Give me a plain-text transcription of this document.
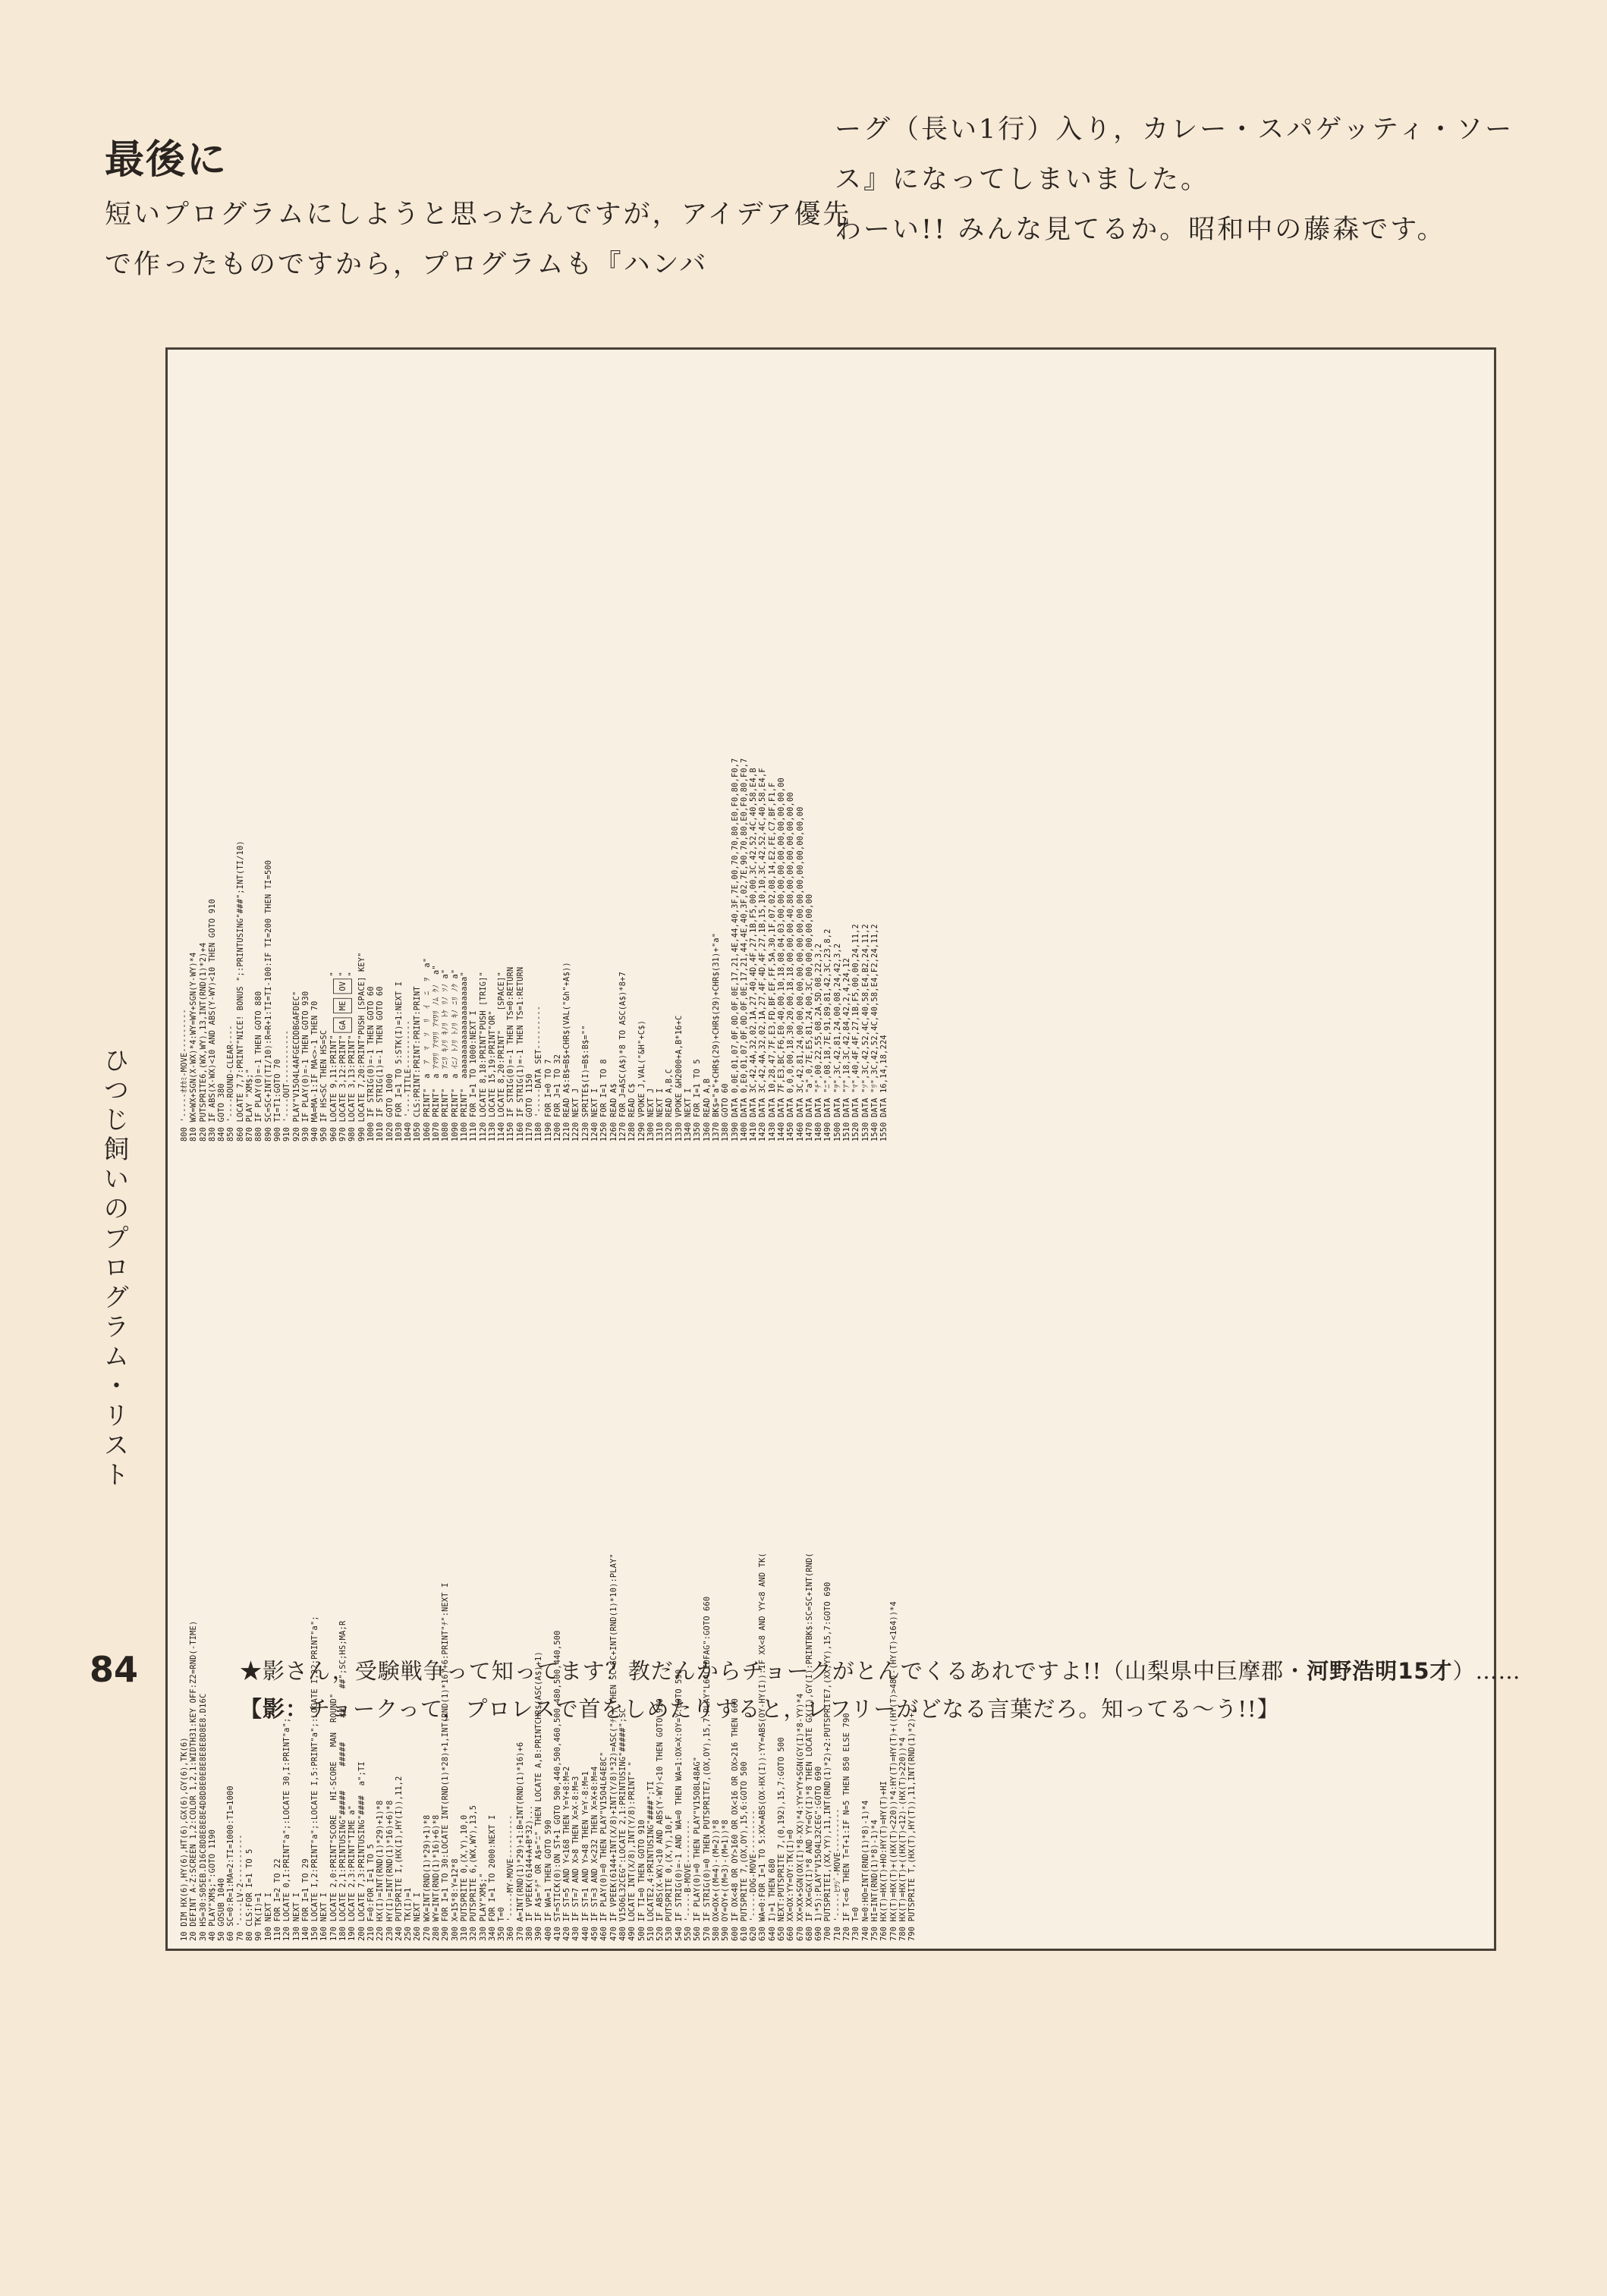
最後に
短いプログラムにしようと思ったんですが，アイデア優先で作ったものですから，プログラムも『ハンバ
ーグ（長い1行）入り，カレー・スパゲッティ・ソース』になってしまいました。
わーい!! みんな見てるか。昭和中の藤森です。
ひつじ飼いのプログラム・リスト
10 DIM HX(6),HY(6),HT(6),GX(6),GY(6),TK(6)
20 DEFINT A-Z:SCREEN 1,2:COLOR 1,2,1:WIDTH31:KEY OFF:Z2=RND(-TIME)
30 HS=30:S05EB.D16C8D8E8E8E4D8D8E0E8E8E8E8D8E8.D16C
40 PLAY"XM$;":GOTO 1190
50 GOSUB 1040
60 SC=0:R=1:MA=2:TI=1000:T1=1000
70 '----LV-2----------
80 CLS:FOR I=1 TO 5
90 TK(I)=1
100 NEXT I
110 FOR I=2 TO 22
120 LOCATE 0,I:PRINT"a";:LOCATE 30,I:PRINT"a";
130 NEXT I
140 FOR I=1 TO 29
150 LOCATE I,2:PRINT"a";:LOCATE I,5:PRINT"a";:LOCATE I,22:PRINT"a";
160 NEXT I
170 LOCATE 2,0:PRINT"SCORE   HI-SCORE   MAN  ROUND"
180 LOCATE 2,1:PRINTUSING"#####     #####     ##    ##";SC;HS;MA;R
190 LOCATE 2,3:PRINT"TIME a"
200 LOCATE 7,3:PRINTUSING"####  a";TI
210 F=0:FOR I=1 TO 5
220 HX(I)=INT(RND(1)*29)+1)*8
230 HY(I)=INT(RND(1)*16)+6)*8
240 PUTSPRITE I,(HX(I),HY(I)),11,2
250 TK(I)=1
260 NEXT I
270 WX=INT(RND(1)*29)+1)*8
280 WY=INT(RND(1)*16)+6)*8
290 FOR I=1 TO 30:LOCATE INT(RND(1)*28)+1,INT(RND(1)*16)+6:PRINT"ﾁ":NEXT I
300 X=15*8:Y=12*8
310 PUTSPRITE 0,(X,Y),10,0
320 PUTSPRITE 6,(WX,WY),13,5
330 PLAY"XM$;"
340 FOR I=1 TO 2000:NEXT I
350 T=0
360 '-----MY-MOVE---------
370 A=INT(RND(1)*29)+1:B=INT(RND(1)*16)+6
380 IF VPEEK(6144+A+B*32)...
390 IF A$="ﾁ" OR A$="ﾆ" THEN LOCATE A,B:PRINTCHR$(ASC(A$)+1)
400 IF WA=1 THEN GOTO 590
410 ST=STICK(0):ON ST+1 GOTO 500,440,500,460,500,480,500,440,500
420 IF ST=5 AND Y<168 THEN Y=Y+8:M=2
430 IF ST=7 AND X>8 THEN X=X-8:M=3
440 IF ST=1 AND Y>48 THEN Y=Y-8:M=1
450 IF ST=3 AND X<232 THEN X=X+8:M=4
460 IF PLAY(0)=0 THEN PLAY"V15O4L64E8C"
470 IF VPEEK(6144+INT(X/8)+INT(Y/8)*32)=ASC("ﾁ") THEN SC=SC+INT(RND(1)*10):PLAY"
480 V15O6L32CEG":LOCATE 2,1:PRINTUSING"#####";SC
490 LOCATE INT(X/8),INT(Y/8):PRINT" "
500 IF TI=0 THEN GOTO 910
510 LOCATE2,4:PRINTUSING"####";TI
520 IF ABS(X-WX)<10 AND ABS(Y-WY)<10 THEN GOTO 910
530 PUTSPRITE 0,(X,Y),10,F
540 IF STRIG(0)=-1 AND WA=0 THEN WA=1:OX=X:OY=Y:GOTO 590
550 '-----B-MOVE---------
560 IF PLAY(0)=0 THEN PLAY"V15O8L48AG"
570 IF STRIG(0)=0 THEN PUTSPRITE7,(OX,OY),15,7:PLAY"L64CEDFAG":GOTO 660
580 OX=OX+((M=4)-(M=2))*8
590 OY=OY+((M=3)-(M=1))*8
600 IF OX<48 OR OY>160 OR OX<16 OR OX>216 THEN 660
610 PUTSPRITE 7,(OX,OY),15,6:GOTO 500
620 '-----DOG-MOVE---------
630 WA=0:FOR I=1 TO 5:XX=ABS(OX-HX(I)):YY=ABS(OY-HY(I)):IF XX<8 AND YY<8 AND TK(
640 I)=1 THEN 680
650 NEXT:PUTSPRITE 7,(0,192),15,7:GOTO 500
660 XX=OX:YY=OY:TK(I)=0
670 XX=XX+SGN(OX(I)*8-XX)*4:YY=YY+SGN(GY(I)*8-YY)*4
680 IF XX=GX(I)*8 AND YY=GY(I)*8 THEN LOCATE GX(I),GY(I):PRINTBK$:SC=SC+INT(RND(
690 1)*5):PLAY"V15O4L32CEG":GOTO 690
700 PUTSPRITEI,(XX,YY),11,INT(RND(1)*2)+2:PUTSPRITE7,(XX,YY),15,7:GOTO 690
710 '-----ﾋﾂｼﾞ-MOVE---------
720 IF T<=6 THEN T=T+1:IF N=5 THEN 850 ELSE 790
730 T=0
740 N=0:HO=INT(RND(1)*8)-1)*4
750 HI=INT(RND(1)*8)-1)*4
760 HX(T)=HX(T)+HO:HY(T)=HY(T)+HI
770 HX(T)=HX(T)+((HX(T)<220))*4:HY(T)=HY(T)+((HY(T)>48)-(HY(T)<164))*4
780 HX(T)=HX(T)+((HX(T)<12)-(HX(T)>220))*4
790 PUTSPRITE T,(HX(T),HY(T)),11,INT(RND(1)*2)+2
800 '-----ｵｵｶﾐ-MOVE---------
810 WX=WX+SGN(X-WX)*4:WY=WY+SGN(Y-WY)*4
820 PUTSPRITE6,(WX,WY),13,INT(RND(1)*2)+4
830 IF ABS(X-WX)<10 AND ABS(Y-WY)<10 THEN GOTO 910
840 GOTO 380
850 '----ROUND-CLEAR----
860 LOCATE 7,7:PRINT"NICE! BONUS ";:PRINTUSING"###";INT(TI/10)
870 PLAY "XM$;"
880 IF PLAY(0)=-1 THEN GOTO 880
890 SC=SC+INT(TI/10):R=R+1:TI=TI-100:IF TI=200 THEN TI=500
900 TI=T1:GOTO 70
910 '----OUT-----------
920 PLAY"V15O4L4AFGECDDBGAFDEC"
930 IF PLAY(0)=-1 THEN GOTO 930
940 MA=MA-1:IF MA<>-1 THEN 70
950 IF HS<SC THEN HS=SC
960 LOCATE 9,11:PRINT"┌──┐┌──┐┌──┐"
970 LOCATE 3,12:PRINT"│GA││ME││OV│"
980 LOCATE 3,13:PRINT"└──┘└──┘└──┘"
990 LOCATE 7,20:PRINT"PUSH [SPACE] KEY"
1000 IF STRIG(0)=-1 THEN GOTO 60
1010 IF STRIG(1)=-1 THEN GOTO 60
1020 GOTO 1000
1030 FOR I=1 TO 5:STK(I)=1:NEXT I
1040 '----TITLE----------
1050 CLS:PRINT:PRINT:PRINT:PRINT
1060 PRINT"  a  ｱ  ﾏ  ｿ  ﾘ  ｲ  ﾆ  ｦ  a"
1070 PRINT"  a ｱﾏﾜﾘ ｱﾏﾜﾘ ｱﾏﾜﾘ ﾉﾑ ｸﾉ  a"
1080 PRINT"  a ｱﾆﾘ ｷﾉﾘ ｷﾉﾘ ﾄｹ ﾘﾉ ｿﾉ a"
1090 PRINT"  a ｲﾆﾉ ﾄﾉﾘ ﾄﾉﾘ ｷﾉ ﾆﾘ ﾉｸ a"
1100 PRINT"  aaaaaaaaaaaaaaaaaaaaa"
1110 FOR I=1 TO 1000:NEXT I
1120 LOCATE 8,18:PRINT"PUSH [TRIG]"
1130 LOCATE 15,19:PRINT"OR"
1140 LOCATE 8,20:PRINT"    [SPACE]"
1150 IF STRIG(0)=-1 THEN TS=0:RETURN
1160 IF STRIG(1)=-1 THEN TS=1:RETURN
1170 GOTO 1150
1180 '-----DATA SET---------
1190 FOR I=0 TO 7
1200 FOR J=1 TO 32
1210 READ A$:B$=B$+CHR$(VAL("&h"+A$))
1220 NEXT J
1230 SPRITE$(I)=B$:B$=""
1240 NEXT I
1250 FOR I=1 TO 8
1260 READ A$
1270 FOR J=ASC(A$)*8 TO ASC(A$)*8+7
1280 READ C$
1290 VPOKE J,VAL("&H"+C$)
1300 NEXT J
1310 NEXT I
1320 READ A,B,C
1330 VPOKE &H2000+A,B*16+C
1340 NEXT I
1350 FOR I=1 TO 5
1360 READ A,B
1370 BK$="a"+CHR$(29)+CHR$(29)+CHR$(31)+"a"
1380 GOTO 60
1390 DATA 0,0E,01,07,0F,0D,0F,0E,17,21,4E,44,40,3F,7E,00,70,70,80,E0,F0,80,F0,7
1400 DATA 0,E0,01,07,0F,0D,0F,0E,17,21,44,4E,40,3F,02,7E,90,70,80,E0,F0,80,F0,7
1410 DATA 3C,42,4A,32,02,1A,27,40,4D,4F,27,1B,F5,00,00,3C,42,52,4C,40,58,E4,B
1420 DATA 3C,42,4A,32,02,1A,27,4F,4D,4F,27,1B,15,10,10,3C,42,52,4C,40,58,E4,F
1430 DATA 10,28,47,7F,E3,FD,BF,EF,FF,5A,30,1F,07,02,08,14,E2,FE,C7,BF,F1,F
1440 DATA 7F,E3,BC,F6,E0,40,00,10,18,08,04,03,00,00,00,00,00,00,00,00,00,00
1450 DATA 0,0,0,00,18,30,20,00,18,18,00,00,00,40,80,00,00,00,00,00,00,00
1460 DATA 3C,42,81,24,00,00,00,00,00,00,00,00,00,00,00,00,00,00,00,00
1470 DATA "a",0,7E,E5,81,24,00,3C,00,00,00,00,00,00
1480 DATA "ﾁ",00,22,55,08,2A,5D,08,22,3,2
1490 DATA "ﾆ",08,18,7E,91,89,81,42,3C,23,8,2
1500 DATA "ｦ",3C,42,81,24,00,08,24,42,3,2
1510 DATA "ｱ",18,3C,42,84,42,2,4,24,12
1520 DATA "ﾏ",40,4F,4F,27,1B,F5,00,00,24,11,2
1530 DATA "ｿ",3C,42,52,4C,40,58,E4,B2,24,11,2
1540 DATA "ﾘ",3C,42,52,4C,40,58,E4,F2,24,11,2
1550 DATA 16,14,18,224
84	★影さん，受験戦争って知ってます？教だんからチョークがとんでくるあれですよ!!（山梨県中巨摩郡・河野浩明15才）……【影：チョークって，プロレスで首をしめたりすると，レフリーがどなる言葉だろ。知ってる～う!!】
